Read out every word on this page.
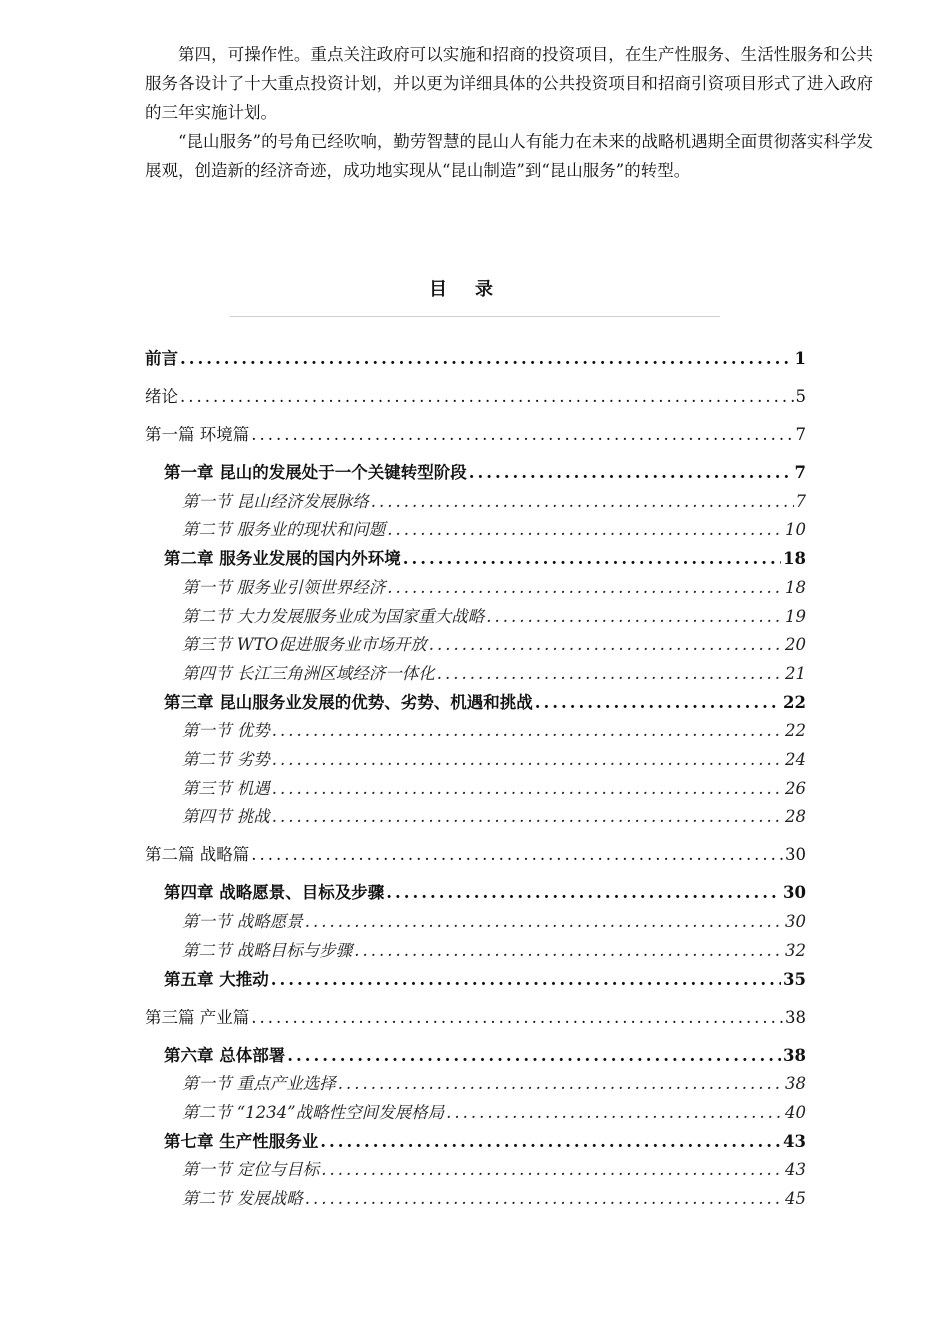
第四，可操作性。重点关注政府可以实施和招商的投资项目，在生产性服务、生活性服务和公共服务各设计了十大重点投资计划，并以更为详细具体的公共投资项目和招商引资项目形式了进入政府的三年实施计划。

“昆山服务”的号角已经吹响，勤劳智慧的昆山人有能力在未来的战略机遇期全面贯彻落实科学发展观，创造新的经济奇迹，成功地实现从“昆山制造”到“昆山服务”的转型。

目录
前言 .....	1
绪论 .....	5
第一篇 环境篇 .....	7
第一章 昆山的发展处于一个关键转型阶段 .....	7
第一节 昆山经济发展脉络 .....	7
第二节 服务业的现状和问题 .....	10
第二章 服务业发展的国内外环境 .....	18
第一节 服务业引领世界经济 .....	18
第二节 大力发展服务业成为国家重大战略 .....	19
第三节 WTO促进服务业市场开放 .....	20
第四节 长江三角洲区域经济一体化 .....	21
第三章 昆山服务业发展的优势、劣势、机遇和挑战 .....	22
第一节 优势 .....	22
第二节 劣势 .....	24
第三节 机遇 .....	26
第四节 挑战 .....	28
第二篇 战略篇 .....	30
第四章 战略愿景、目标及步骤 .....	30
第一节 战略愿景 .....	30
第二节 战略目标与步骤 .....	32
第五章 大推动 .....	35
第三篇 产业篇 .....	38
第六章 总体部署 .....	38
第一节 重点产业选择 .....	38
第二节 “1234”战略性空间发展格局 .....	40
第七章 生产性服务业 .....	43
第一节 定位与目标 .....	43
第二节 发展战略 .....	45
